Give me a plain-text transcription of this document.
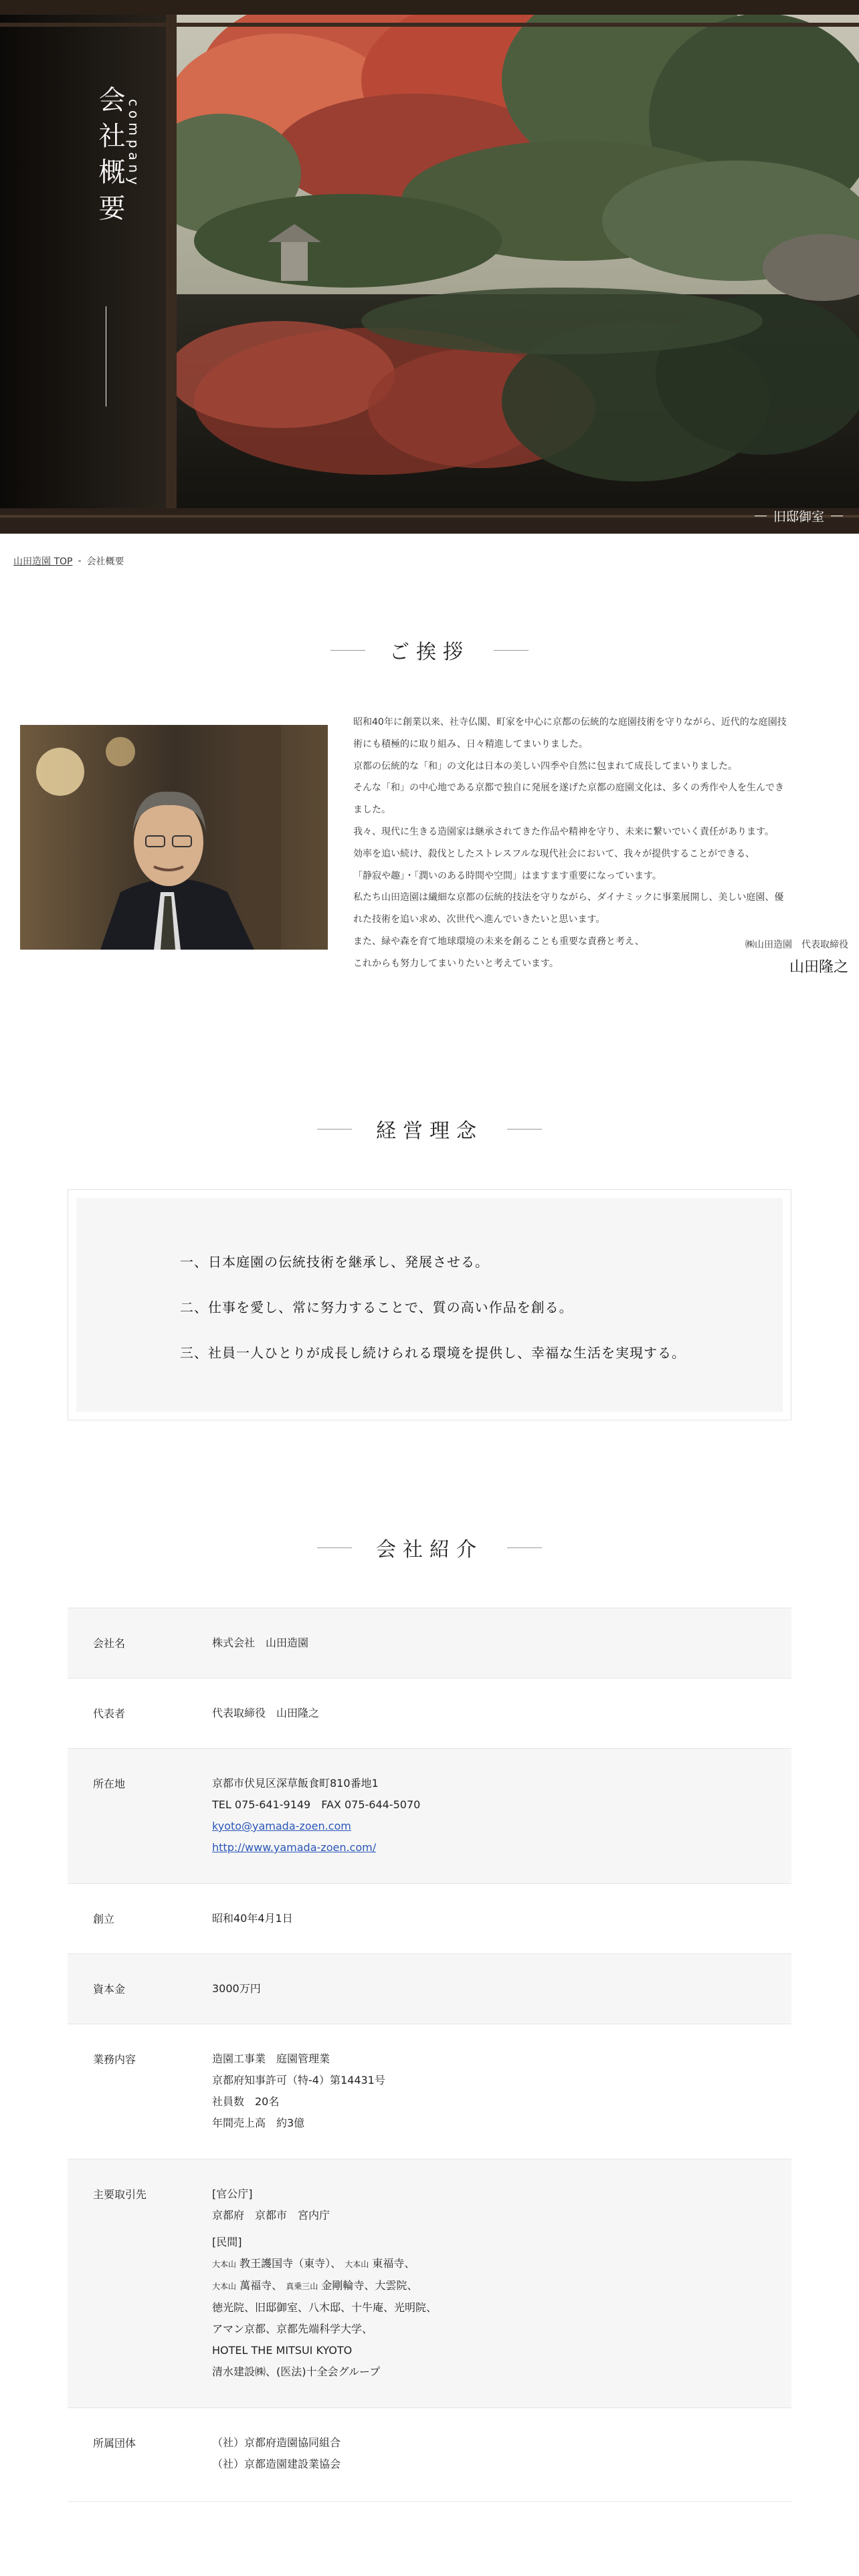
会社概要 company
旧邸御室
山田造園 TOP - 会社概要
ご挨拶

昭和40年に創業以来、社寺仏閣、町家を中心に京都の伝統的な庭園技術を守りながら、近代的な庭園技

術にも積極的に取り組み、日々精進してまいりました。

京都の伝統的な「和」の文化は日本の美しい四季や自然に包まれて成長してまいりました。

そんな「和」の中心地である京都で独自に発展を遂げた京都の庭園文化は、多くの秀作や人を生んでき

ました。

我々、現代に生きる造園家は継承されてきた作品や精神を守り、未来に繋いでいく責任があります。

効率を追い続け、殺伐としたストレスフルな現代社会において、我々が提供することができる、

「静寂や趣」・「潤いのある時間や空間」はますます重要になっています。

私たち山田造園は繊細な京都の伝統的技法を守りながら、ダイナミックに事業展開し、美しい庭園、優

れた技術を追い求め、次世代へ進んでいきたいと思います。

また、緑や森を育て地球環境の未来を創ることも重要な責務と考え、

これからも努力してまいりたいと考えています。

㈱山田造園　代表取締役
山田隆之
経営理念

一、日本庭園の伝統技術を継承し、発展させる。

二、仕事を愛し、常に努力することで、質の高い作品を創る。

三、社員一人ひとりが成長し続けられる環境を提供し、幸福な生活を実現する。

会社紹介
会社名	株式会社　山田造園
代表者	代表取締役　山田隆之
所在地	京都市伏見区深草飯食町810番地1
TEL 075-641-9149　FAX 075-644-5070
kyoto@yamada-zoen.com
http://www.yamada-zoen.com/
創立	昭和40年4月1日
資本金	3000万円
業務内容	造園工事業　庭園管理業
京都府知事許可（特-4）第14431号
社員数　20名
年間売上高　約3億
主要取引先	[官公庁]
京都府　京都市　宮内庁
[民間]
大本山 教王護国寺（東寺）、 大本山 東福寺、
大本山 萬福寺、 真乗三山 金剛輪寺、大雲院、
徳光院、旧邸御室、八木邸、十牛庵、光明院、
アマン京都、京都先端科学大学、
HOTEL THE MITSUI KYOTO
清水建設㈱、(医法)十全会グループ
所属団体	（社）京都府造園協同組合
（社）京都造園建設業協会
